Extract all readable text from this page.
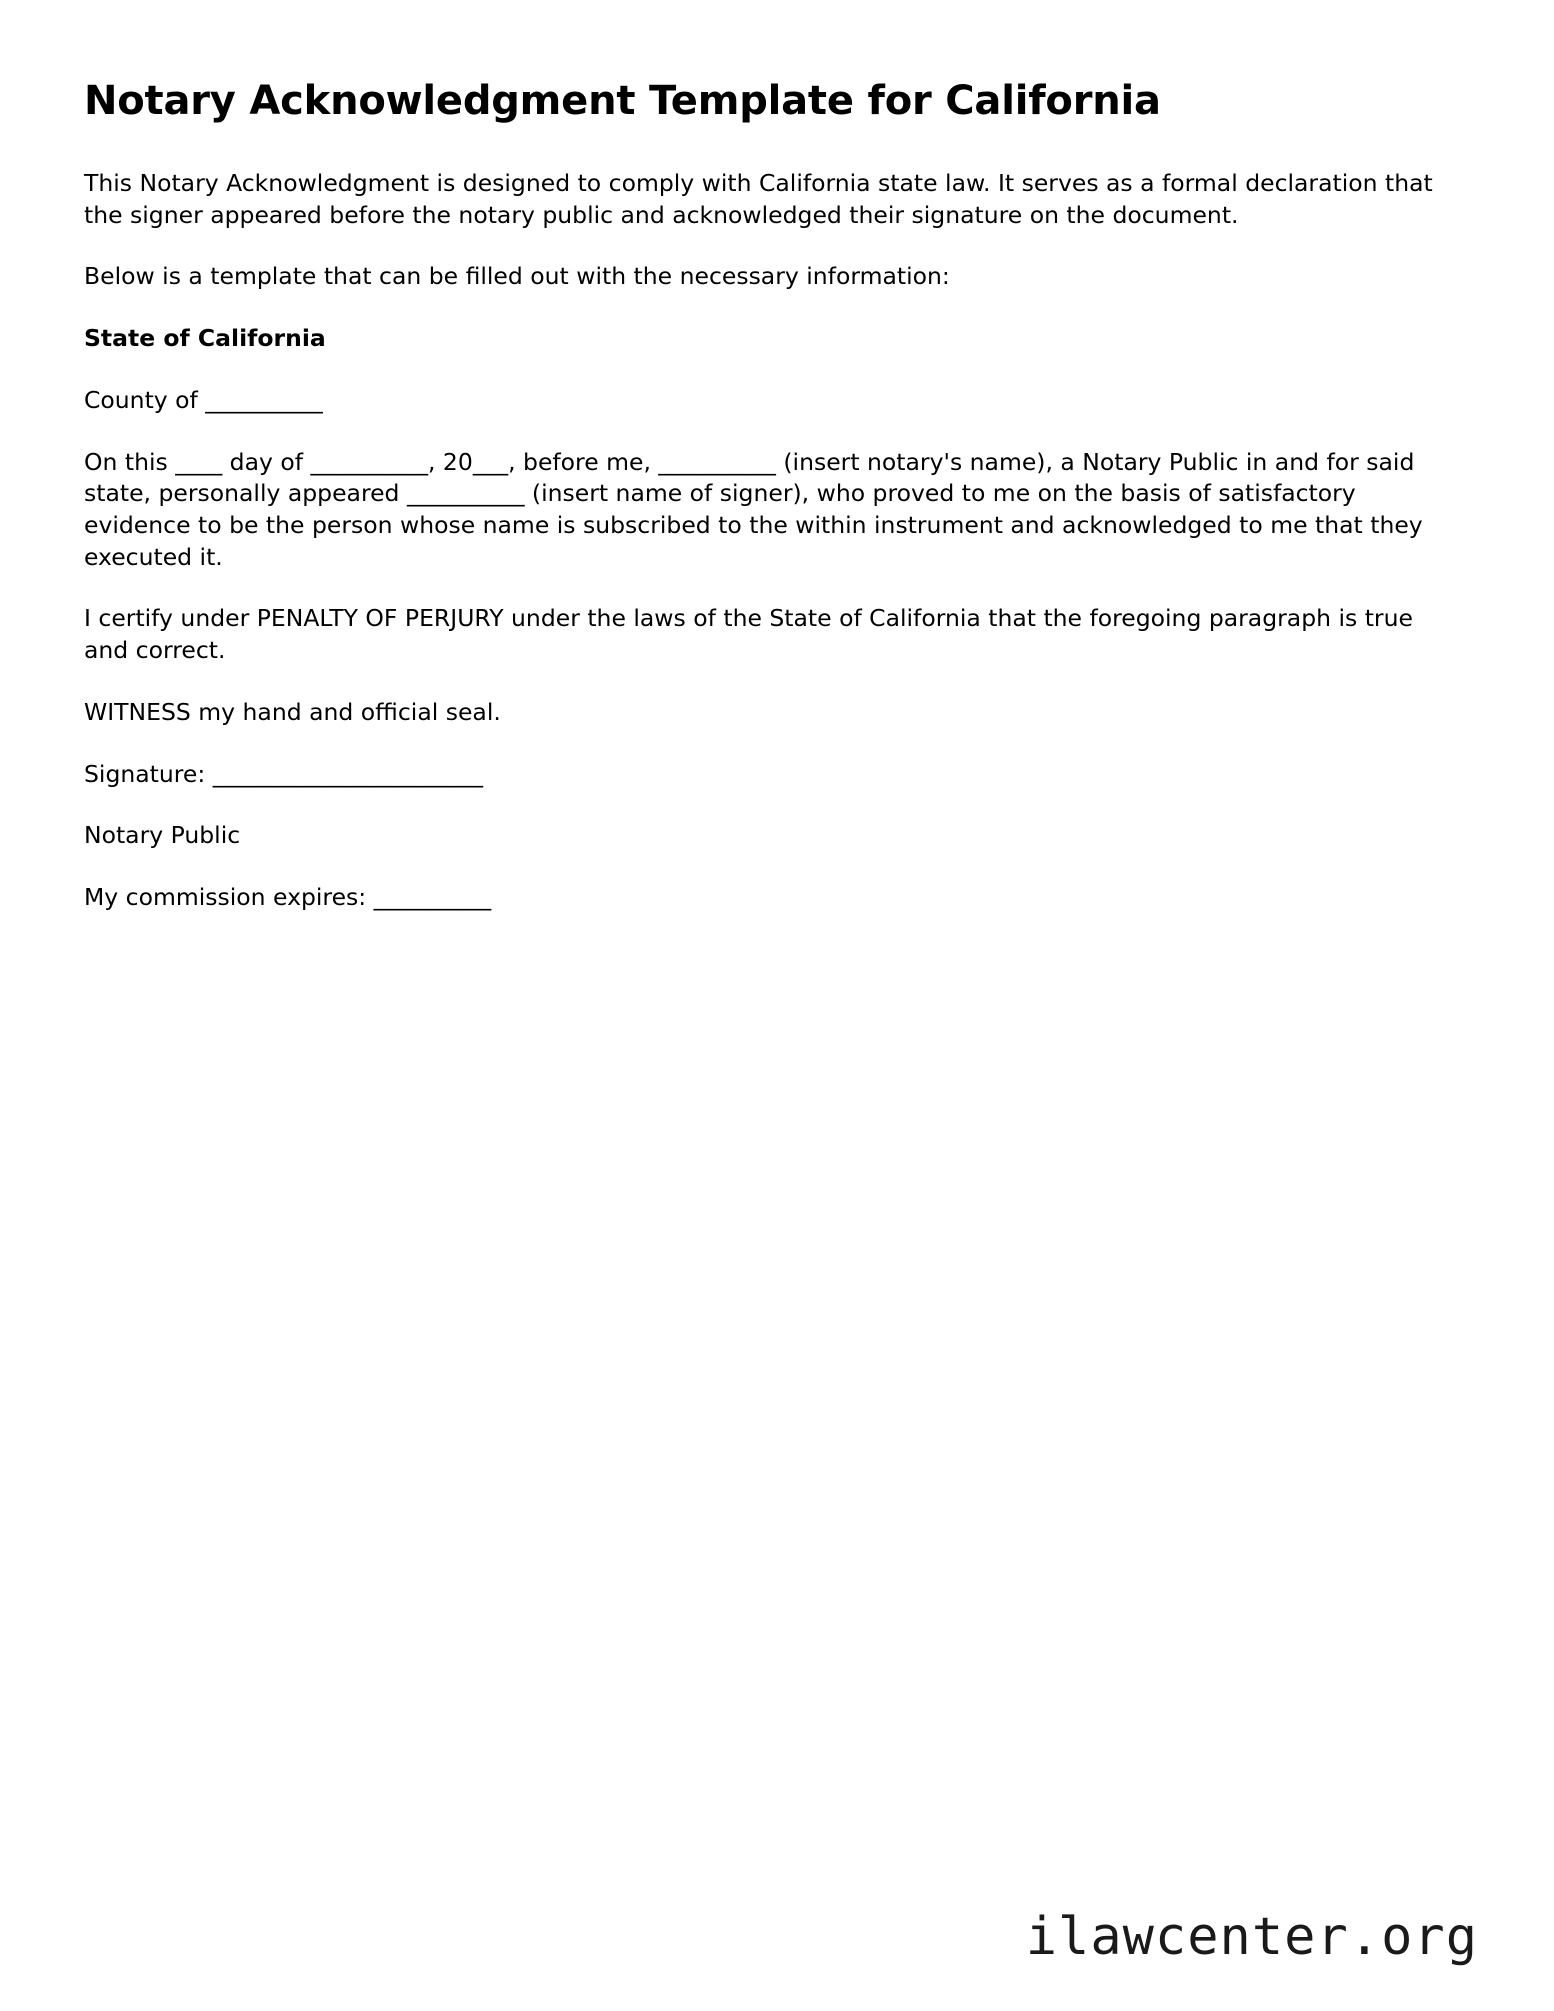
Notary Acknowledgment Template for California

This Notary Acknowledgment is designed to comply with California state law. It serves as a formal declaration that the signer appeared before the notary public and acknowledged their signature on the document.

Below is a template that can be filled out with the necessary information:

State of California

County of __________

On this ____ day of __________, 20___, before me, __________ (insert notary's name), a Notary Public in and for said state, personally appeared __________ (insert name of signer), who proved to me on the basis of satisfactory evidence to be the person whose name is subscribed to the within instrument and acknowledged to me that they executed it.

I certify under PENALTY OF PERJURY under the laws of the State of California that the foregoing paragraph is true and correct.

WITNESS my hand and official seal.

Signature: _______________________

Notary Public

My commission expires: __________

ilawcenter.org
